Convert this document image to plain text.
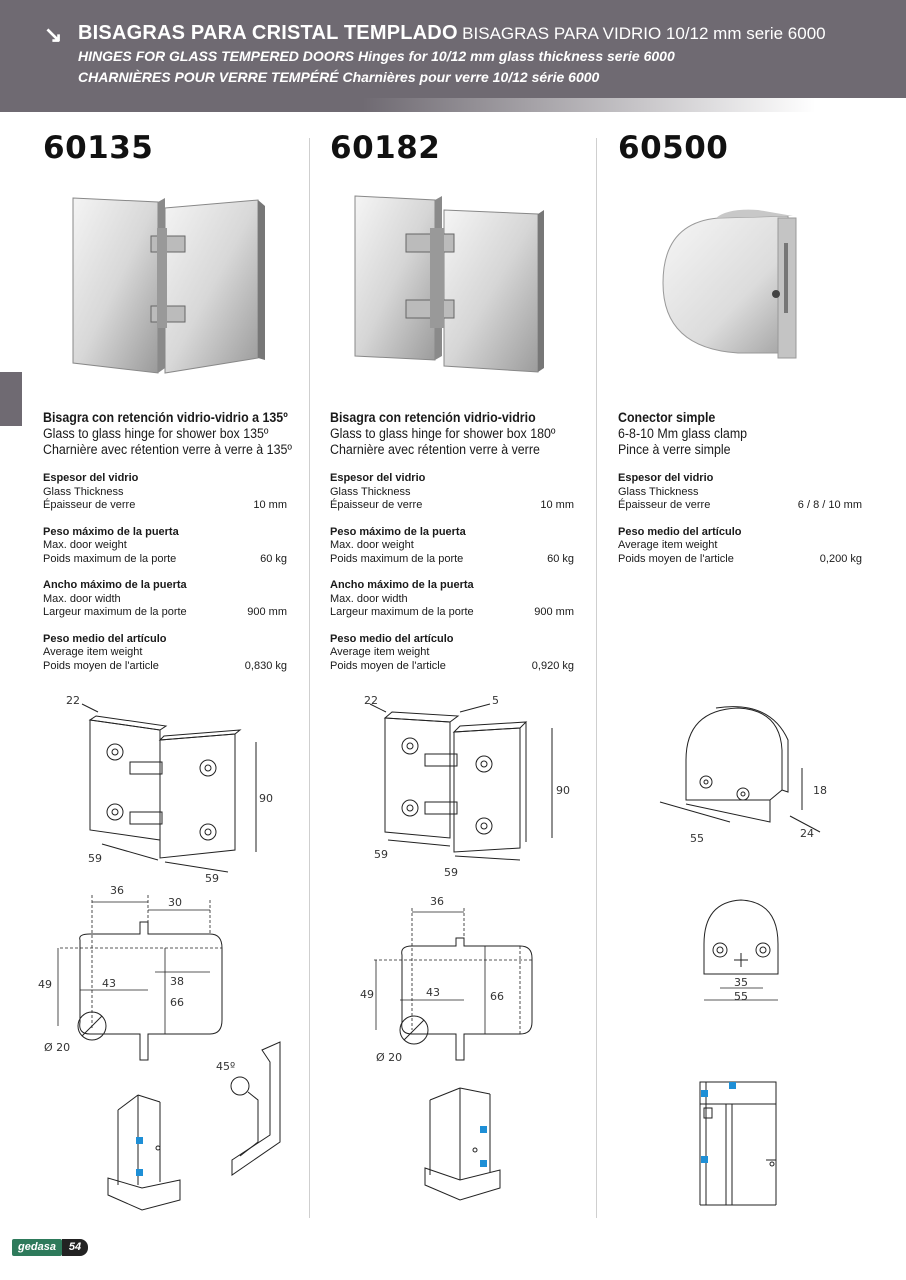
↘ BISAGRAS PARA CRISTAL TEMPLADO BISAGRAS PARA VIDRIO 10/12 mm serie 6000
HINGES FOR GLASS TEMPERED DOORS Hinges for 10/12 mm glass thickness serie 6000
CHARNIÈRES POUR VERRE TEMPÉRÉ Charnières pour verre 10/12 série 6000
60135
Bisagra con retención vidrio-vidrio a 135º
Glass to glass hinge for shower box 135º
Charnière avec rétention verre à verre à 135º
Espesor del vidrio
Glass Thickness
Épaisseur de verre	10 mm
Peso máximo de la puerta
Max. door weight
Poids maximum de la porte	60 kg
Ancho máximo de la puerta
Max. door width
Largeur maximum de la porte	900 mm
Peso medio del artículo
Average item weight
Poids moyen de l'article	0,830 kg
22
90
59
59
36
30
49	43	38
66
Ø 20
45º
60182
Bisagra con retención vidrio-vidrio
Glass to glass hinge for shower box 180º
Charnière avec rétention verre à verre
Espesor del vidrio
Glass Thickness
Épaisseur de verre	10 mm
Peso máximo de la puerta
Max. door weight
Poids maximum de la porte	60 kg
Ancho máximo de la puerta
Max. door width
Largeur maximum de la porte	900 mm
Peso medio del artículo
Average item weight
Poids moyen de l'article	0,920 kg
22	5
90
59
59
36
49	43	66
Ø 20
60500
Conector simple
6-8-10 Mm glass clamp
Pince à verre simple
Espesor del vidrio
Glass Thickness
Épaisseur de verre	6 / 8 / 10 mm
Peso medio del artículo
Average item weight
Poids moyen de l'article	0,200 kg
18
55	24
35
55
gedasa	54
